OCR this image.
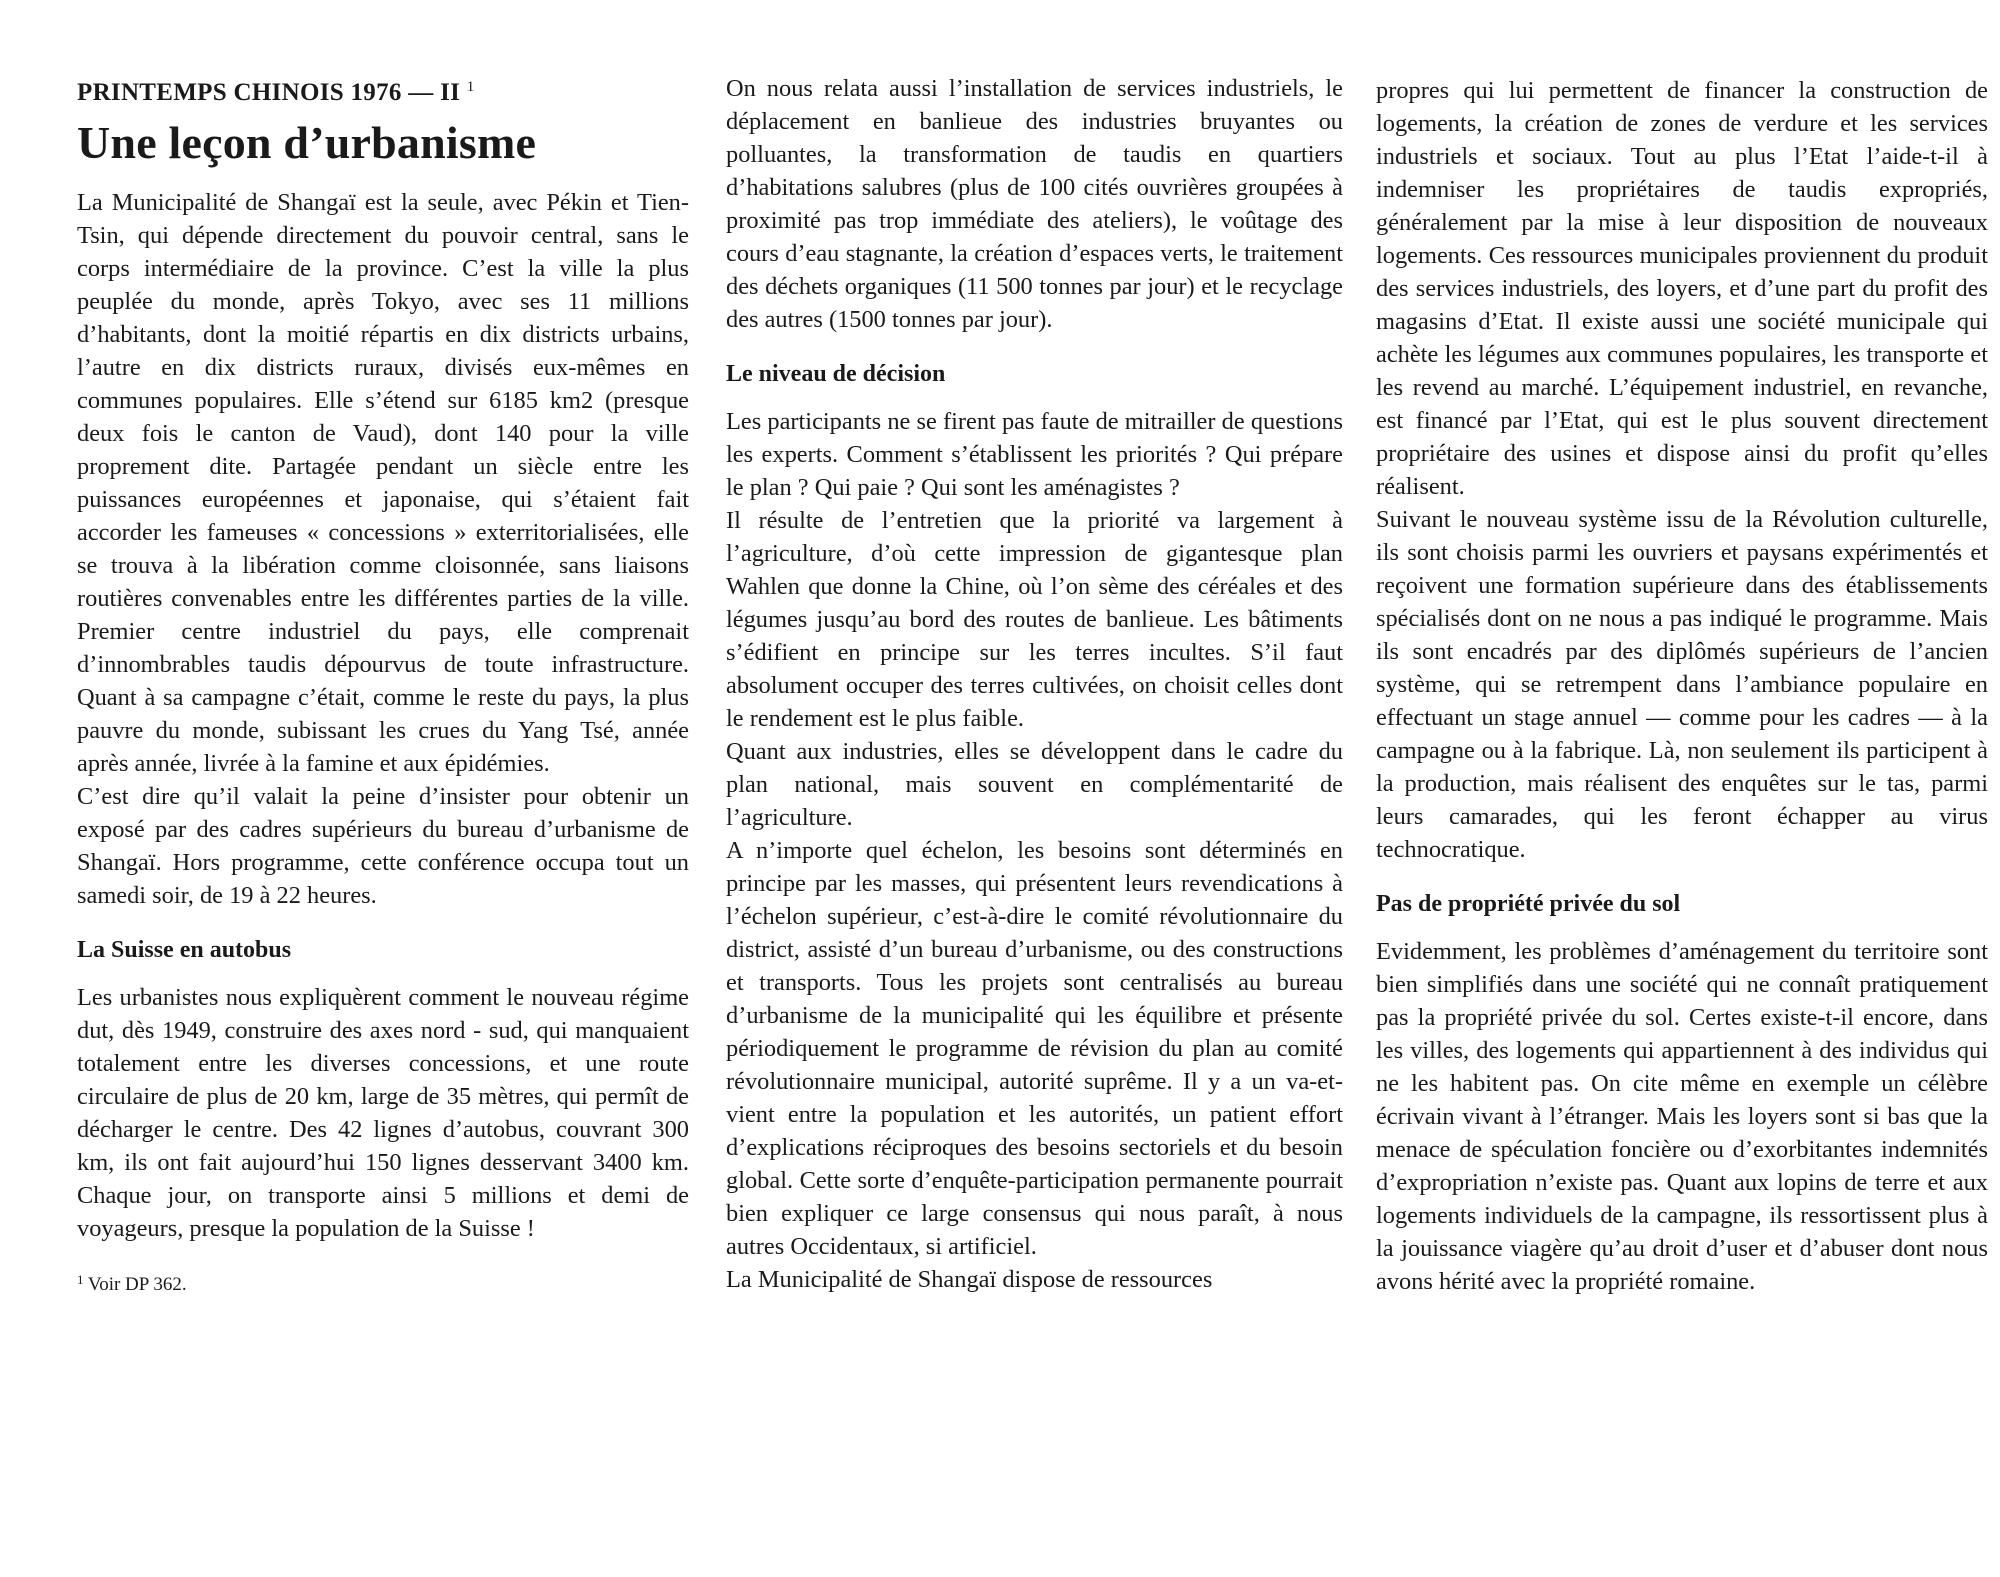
PRINTEMPS CHINOIS 1976 — II $^1$
Une leçon d’urbanisme

La Municipalité de Shangaï est la seule, avec Pékin et Tien-Tsin, qui dépende directement du pouvoir central, sans le corps intermédiaire de la province. C’est la ville la plus peuplée du monde, après Tokyo, avec ses 11 millions d’habitants, dont la moitié répartis en dix districts urbains, l’autre en dix districts ruraux, divisés eux-mêmes en communes populaires. Elle s’étend sur 6185 km2 (presque deux fois le canton de Vaud), dont 140 pour la ville proprement dite. Partagée pendant un siècle entre les puissances européennes et japonaise, qui s’étaient fait accorder les fameuses « concessions » exterritorialisées, elle se trouva à la libération comme cloisonnée, sans liaisons routières convenables entre les différentes parties de la ville. Premier centre industriel du pays, elle comprenait d’innombrables taudis dépourvus de toute infrastructure. Quant à sa campagne c’était, comme le reste du pays, la plus pauvre du monde, subissant les crues du Yang Tsé, année après année, livrée à la famine et aux épidémies.

C’est dire qu’il valait la peine d’insister pour obtenir un exposé par des cadres supérieurs du bureau d’urbanisme de Shangaï. Hors programme, cette conférence occupa tout un samedi soir, de 19 à 22 heures.

La Suisse en autobus

Les urbanistes nous expliquèrent comment le nouveau régime dut, dès 1949, construire des axes nord - sud, qui manquaient totalement entre les diverses concessions, et une route circulaire de plus de 20 km, large de 35 mètres, qui permît de décharger le centre. Des 42 lignes d’autobus, couvrant 300 km, ils ont fait aujourd’hui 150 lignes desservant 3400 km. Chaque jour, on transporte ainsi 5 millions et demi de voyageurs, presque la population de la Suisse !

$^1$ Voir DP 362.

On nous relata aussi l’installation de services industriels, le déplacement en banlieue des industries bruyantes ou polluantes, la transformation de taudis en quartiers d’habitations salubres (plus de 100 cités ouvrières groupées à proximité pas trop immédiate des ateliers), le voûtage des cours d’eau stagnante, la création d’espaces verts, le traitement des déchets organiques (11 500 tonnes par jour) et le recyclage des autres (1500 tonnes par jour).

Le niveau de décision

Les participants ne se firent pas faute de mitrailler de questions les experts. Comment s’établissent les priorités ? Qui prépare le plan ? Qui paie ? Qui sont les aménagistes ?

Il résulte de l’entretien que la priorité va largement à l’agriculture, d’où cette impression de gigantesque plan Wahlen que donne la Chine, où l’on sème des céréales et des légumes jusqu’au bord des routes de banlieue. Les bâtiments s’édifient en principe sur les terres incultes. S’il faut absolument occuper des terres cultivées, on choisit celles dont le rendement est le plus faible.

Quant aux industries, elles se développent dans le cadre du plan national, mais souvent en complémentarité de l’agriculture.

A n’importe quel échelon, les besoins sont déterminés en principe par les masses, qui présentent leurs revendications à l’échelon supérieur, c’est-à-dire le comité révolutionnaire du district, assisté d’un bureau d’urbanisme, ou des constructions et transports. Tous les projets sont centralisés au bureau d’urbanisme de la municipalité qui les équilibre et présente périodiquement le programme de révision du plan au comité révolutionnaire municipal, autorité suprême. Il y a un va-et-vient entre la population et les autorités, un patient effort d’explications réciproques des besoins sectoriels et du besoin global. Cette sorte d’enquête-participation permanente pourrait bien expliquer ce large consensus qui nous paraît, à nous autres Occidentaux, si artificiel.

La Municipalité de Shangaï dispose de ressources

propres qui lui permettent de financer la construction de logements, la création de zones de verdure et les services industriels et sociaux. Tout au plus l’Etat l’aide-t-il à indemniser les propriétaires de taudis expropriés, généralement par la mise à leur disposition de nouveaux logements. Ces ressources municipales proviennent du produit des services industriels, des loyers, et d’une part du profit des magasins d’Etat. Il existe aussi une société municipale qui achète les légumes aux communes populaires, les transporte et les revend au marché. L’équipement industriel, en revanche, est financé par l’Etat, qui est le plus souvent directement propriétaire des usines et dispose ainsi du profit qu’elles réalisent.

Suivant le nouveau système issu de la Révolution culturelle, ils sont choisis parmi les ouvriers et paysans expérimentés et reçoivent une formation supérieure dans des établissements spécialisés dont on ne nous a pas indiqué le programme. Mais ils sont encadrés par des diplômés supérieurs de l’ancien système, qui se retrempent dans l’ambiance populaire en effectuant un stage annuel — comme pour les cadres — à la campagne ou à la fabrique. Là, non seulement ils participent à la production, mais réalisent des enquêtes sur le tas, parmi leurs camarades, qui les feront échapper au virus technocratique.

Pas de propriété privée du sol

Evidemment, les problèmes d’aménagement du territoire sont bien simplifiés dans une société qui ne connaît pratiquement pas la propriété privée du sol. Certes existe-t-il encore, dans les villes, des logements qui appartiennent à des individus qui ne les habitent pas. On cite même en exemple un célèbre écrivain vivant à l’étranger. Mais les loyers sont si bas que la menace de spéculation foncière ou d’exorbitantes indemnités d’expropriation n’existe pas. Quant aux lopins de terre et aux logements individuels de la campagne, ils ressortissent plus à la jouissance viagère qu’au droit d’user et d’abuser dont nous avons hérité avec la propriété romaine.
